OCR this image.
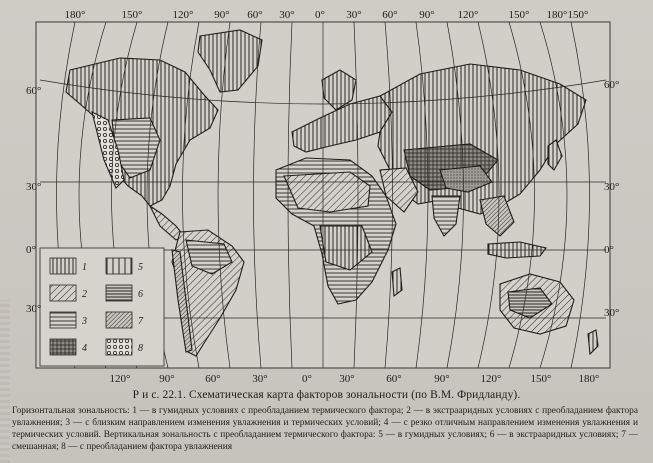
1
2
3
4
5
6
7
8
180°	150°	120° 90° 60° 30° 0° 30° 60° 90° 120°	150° 180° 150°
120°	90°	60°	30°	0° 30°	60°	90°	120°	150° 180°
60°
30°
0°
30°
60°
30°
0°
30°
Р и с. 22.1. Схематическая карта факторов зональности (по В.М. Фридланду).
Горизонтальная зональность: 1 — в гумидных условиях с преобладанием термического фактора; 2 — в экстрааридных условиях с преобладанием фактора увлажнения; 3 — с близким направлением изменения увлажнения и термических условий; 4 — с резко отличным направлением изменения увлажнения и термических условий. Вертикальная зональность с преобладанием термического фактора: 5 — в гумидных условиях; 6 — в экстрааридных условиях; 7 — смешанная; 8 — с преобладанием фактора увлажнения
